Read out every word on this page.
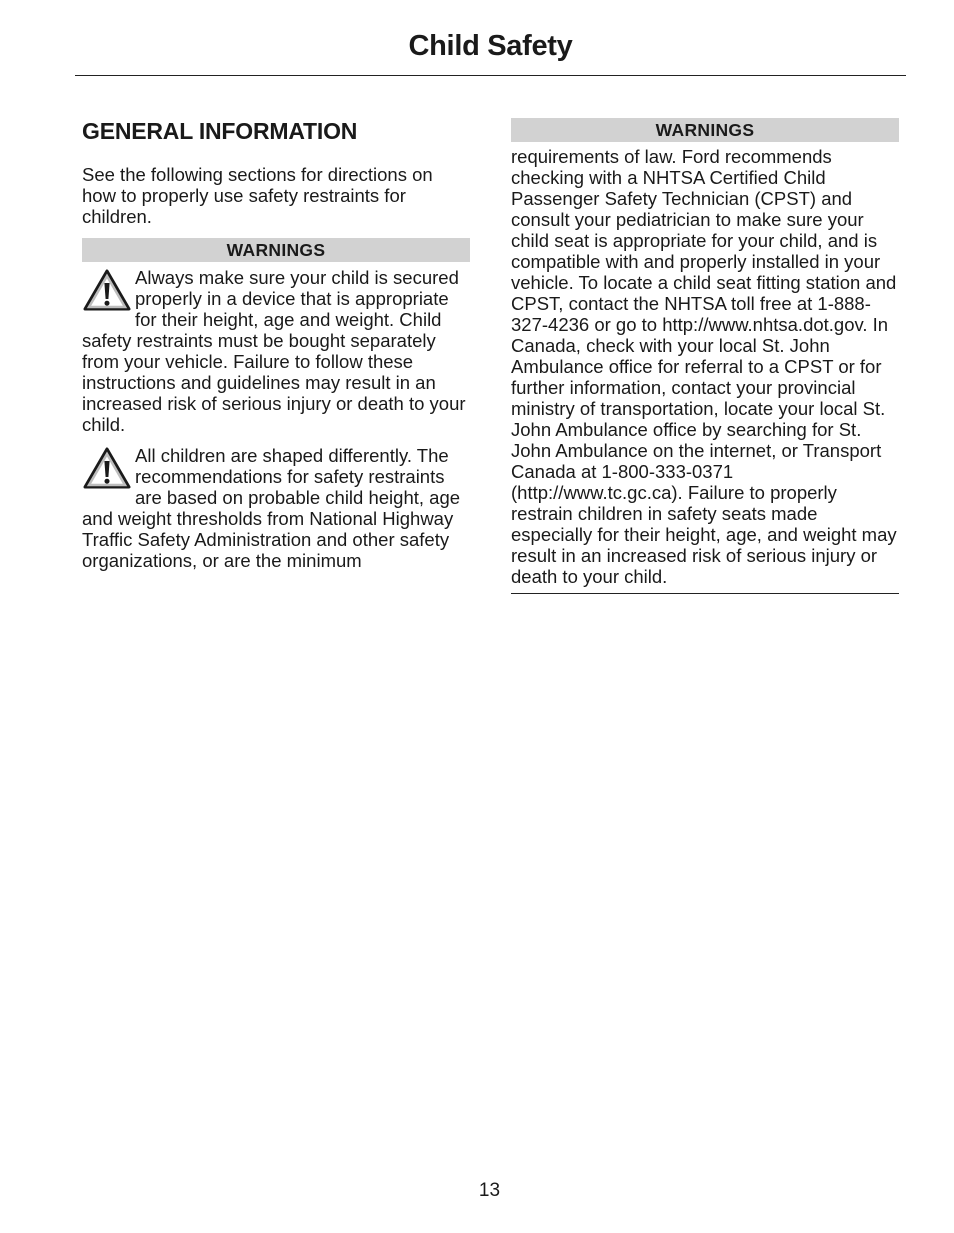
Child Safety
GENERAL INFORMATION

See the following sections for directions on how to properly use safety restraints for children.

WARNINGS

Always make sure your child is secured properly in a device that is appropriate for their height, age and weight. Child safety restraints must be bought separately from your vehicle. Failure to follow these instructions and guidelines may result in an increased risk of serious injury or death to your child.

All children are shaped differently. The recommendations for safety restraints are based on probable child height, age and weight thresholds from National Highway Traffic Safety Administration and other safety organizations, or are the minimum

WARNINGS

requirements of law. Ford recommends checking with a NHTSA Certified Child Passenger Safety Technician (CPST) and consult your pediatrician to make sure your child seat is appropriate for your child, and is compatible with and properly installed in your vehicle. To locate a child seat fitting station and CPST, contact the NHTSA toll free at 1-888-327-4236 or go to http://www.nhtsa.dot.gov. In Canada, check with your local St. John Ambulance office for referral to a CPST or for further information, contact your provincial ministry of transportation, locate your local St. John Ambulance office by searching for St. John Ambulance on the internet, or Transport Canada at 1-800-333-0371 (http://www.tc.gc.ca). Failure to properly restrain children in safety seats made especially for their height, age, and weight may result in an increased risk of serious injury or death to your child.

13
